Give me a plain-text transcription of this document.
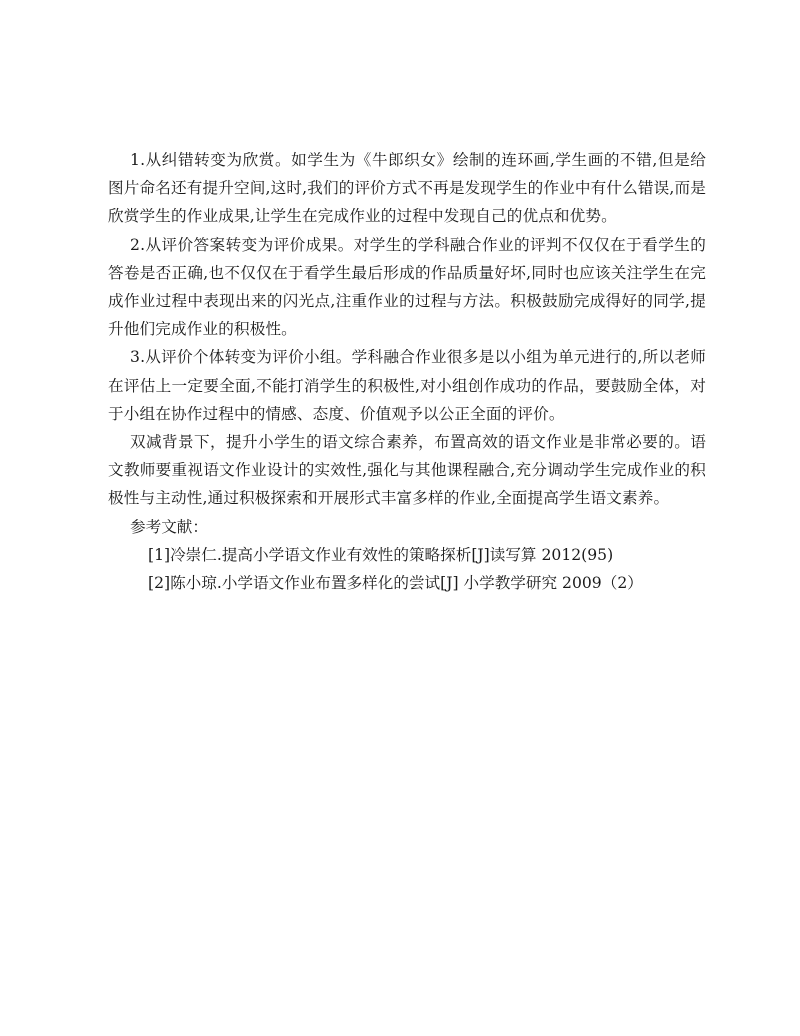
1.从纠错转变为欣赏。如学生为《牛郎织女》绘制的连环画,学生画的不错,但是给图片命名还有提升空间,这时,我们的评价方式不再是发现学生的作业中有什么错误,而是欣赏学生的作业成果,让学生在完成作业的过程中发现自己的优点和优势。

2.从评价答案转变为评价成果。对学生的学科融合作业的评判不仅仅在于看学生的答卷是否正确,也不仅仅在于看学生最后形成的作品质量好坏,同时也应该关注学生在完成作业过程中表现出来的闪光点,注重作业的过程与方法。积极鼓励完成得好的同学,提升他们完成作业的积极性。

3.从评价个体转变为评价小组。学科融合作业很多是以小组为单元进行的,所以老师在评估上一定要全面,不能打消学生的积极性,对小组创作成功的作品，要鼓励全体，对于小组在协作过程中的情感、态度、价值观予以公正全面的评价。

双减背景下，提升小学生的语文综合素养，布置高效的语文作业是非常必要的。语文教师要重视语文作业设计的实效性,强化与其他课程融合,充分调动学生完成作业的积极性与主动性,通过积极探索和开展形式丰富多样的作业,全面提高学生语文素养。

参考文献：

[1]冷崇仁.提高小学语文作业有效性的策略探析[J]读写算 2012(95)

[2]陈小琼.小学语文作业布置多样化的尝试[J] 小学教学研究 2009（2）
